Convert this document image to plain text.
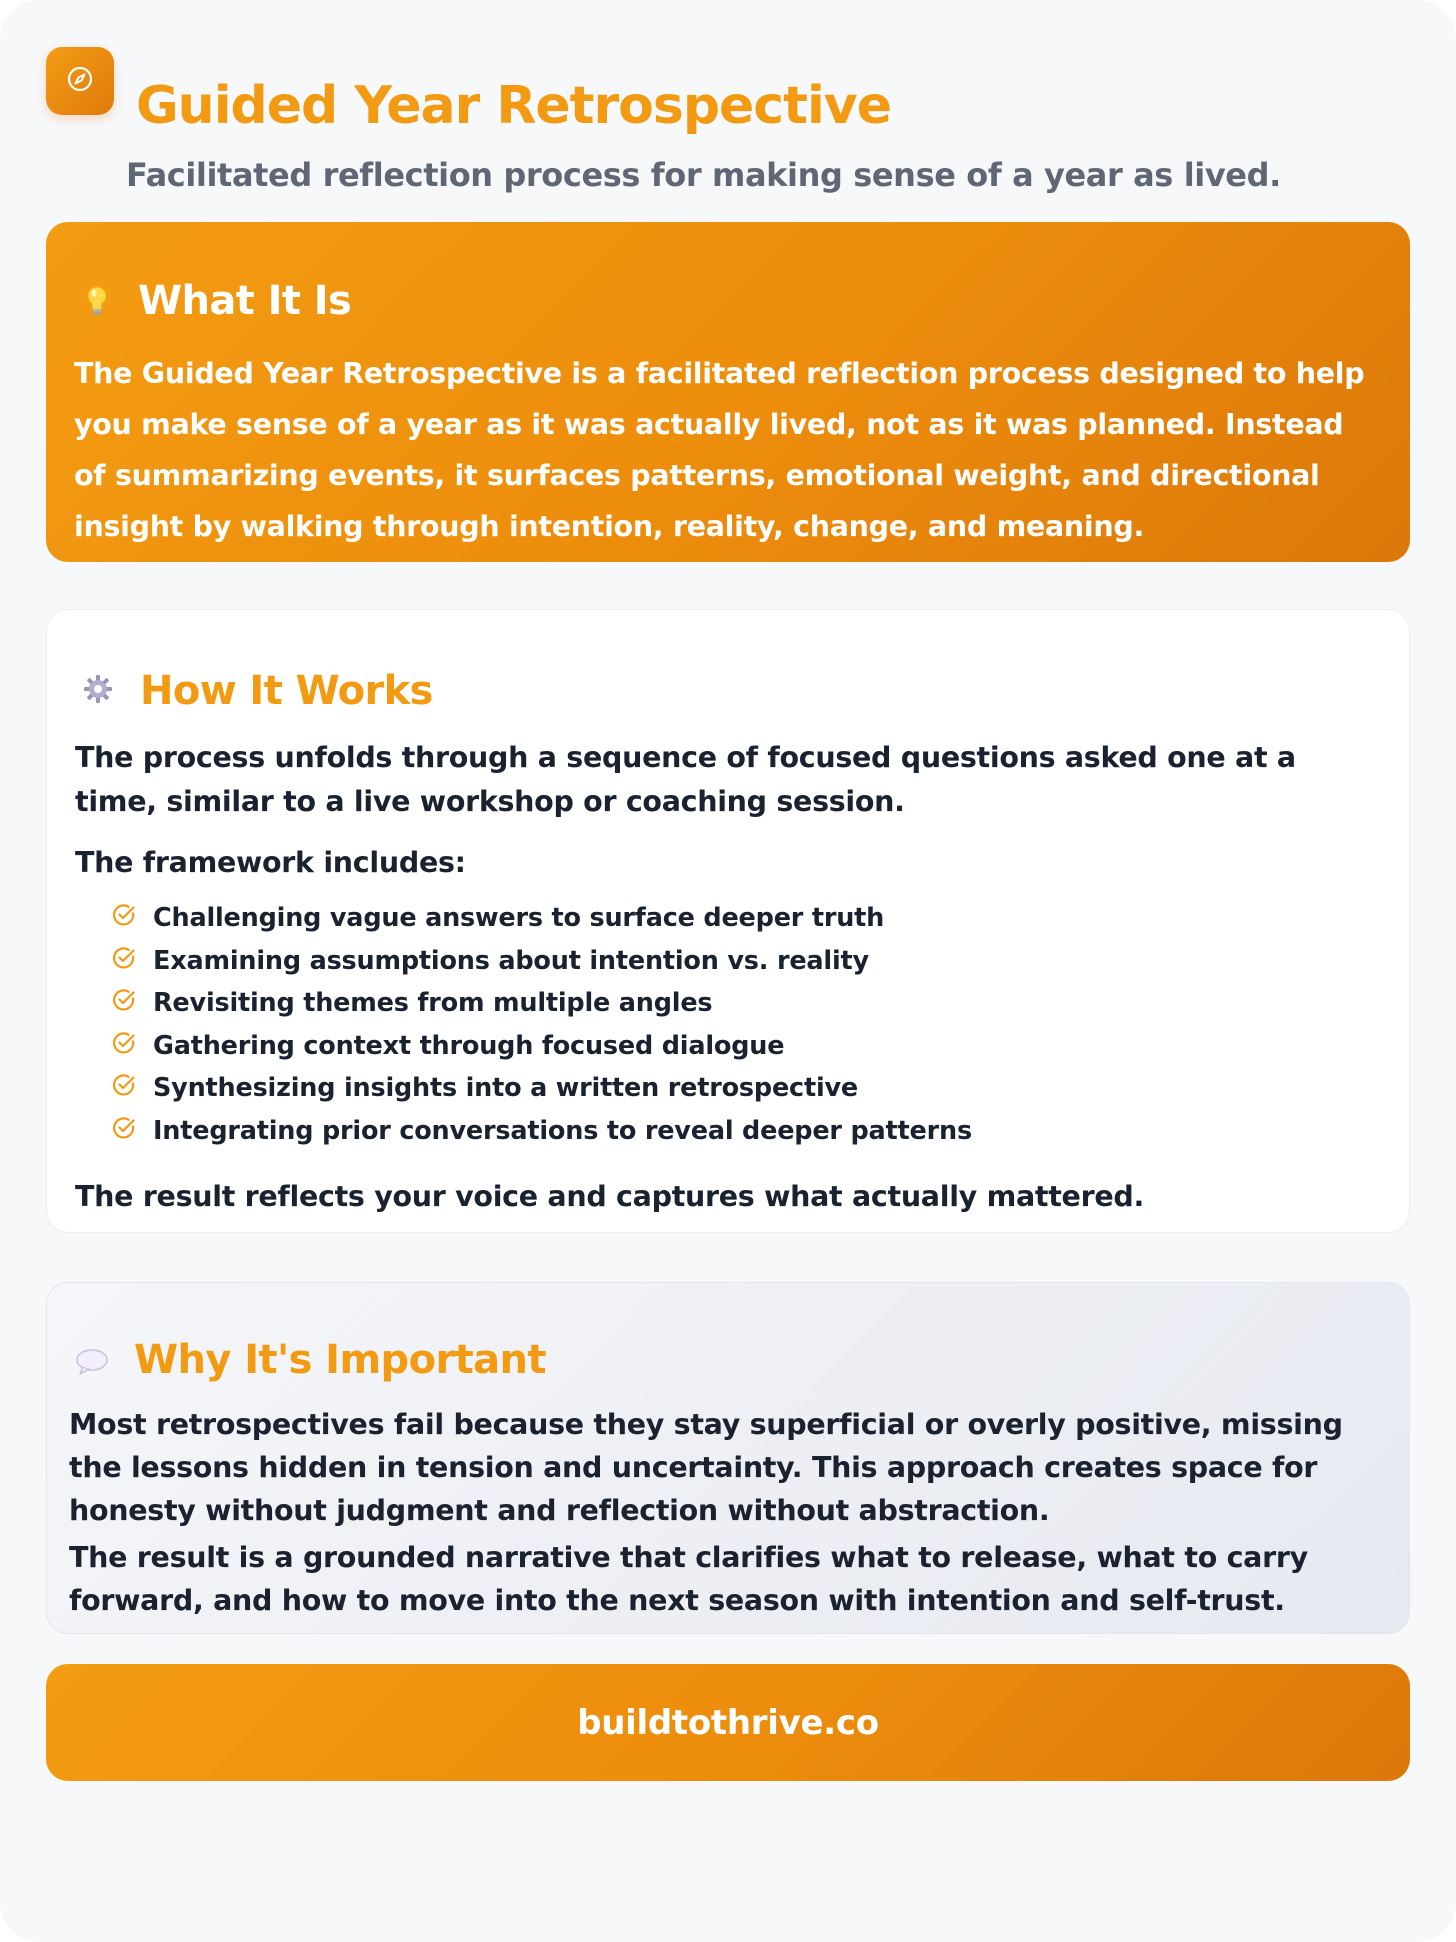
Guided Year Retrospective

Facilitated reflection process for making sense of a year as lived.

What It Is

The Guided Year Retrospective is a facilitated reflection process designed to help you make sense of a year as it was actually lived, not as it was planned. Instead of summarizing events, it surfaces patterns, emotional weight, and directional insight by walking through intention, reality, change, and meaning.

How It Works

The process unfolds through a sequence of focused questions asked one at a time, similar to a live workshop or coaching session.

The framework includes:

Challenging vague answers to surface deeper truth
Examining assumptions about intention vs. reality
Revisiting themes from multiple angles
Gathering context through focused dialogue
Synthesizing insights into a written retrospective
Integrating prior conversations to reveal deeper patterns

The result reflects your voice and captures what actually mattered.

Why It's Important

Most retrospectives fail because they stay superficial or overly positive, missing the lessons hidden in tension and uncertainty. This approach creates space for honesty without judgment and reflection without abstraction.

The result is a grounded narrative that clarifies what to release, what to carry forward, and how to move into the next season with intention and self-trust.

buildtothrive.co
